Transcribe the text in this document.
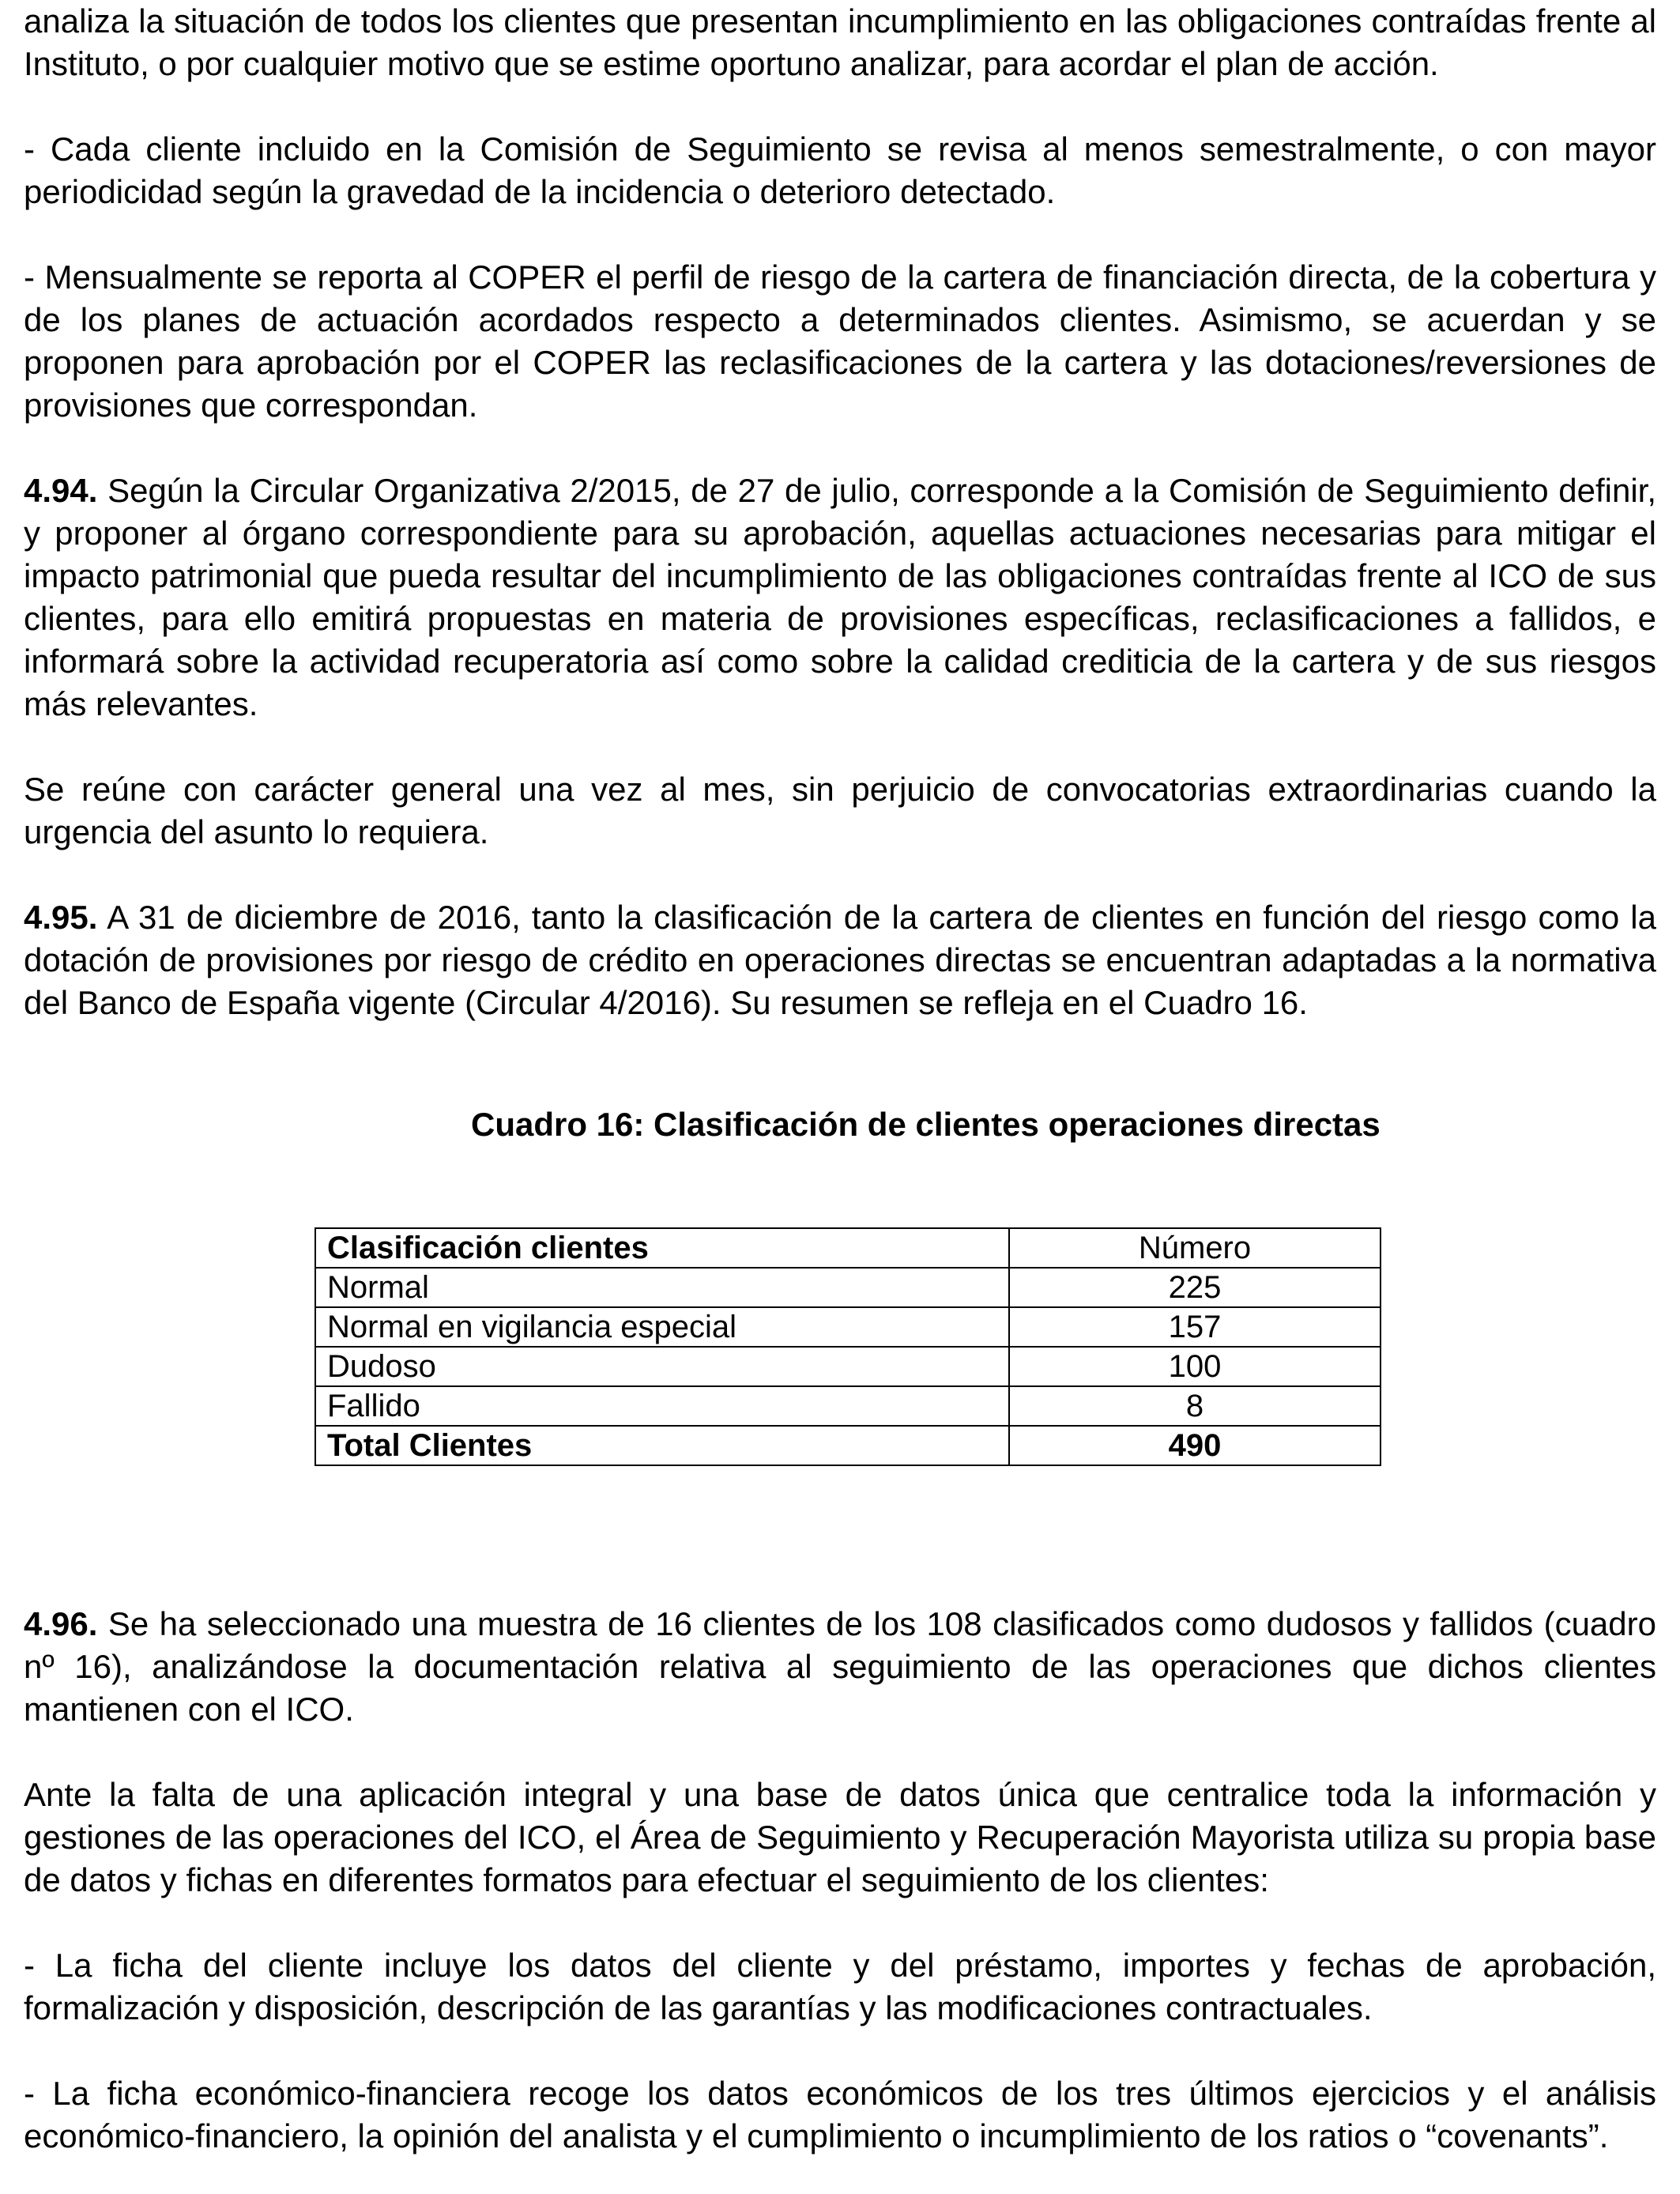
analiza la situación de todos los clientes que presentan incumplimiento en las obligaciones contraídas frente al Instituto, o por cualquier motivo que se estime oportuno analizar, para acordar el plan de acción.

- Cada cliente incluido en la Comisión de Seguimiento se revisa al menos semestralmente, o con mayor periodicidad según la gravedad de la incidencia o deterioro detectado.

- Mensualmente se reporta al COPER el perfil de riesgo de la cartera de financiación directa, de la cobertura y de los planes de actuación acordados respecto a determinados clientes. Asimismo, se acuerdan y se proponen para aprobación por el COPER las reclasificaciones de la cartera y las dotaciones/reversiones de provisiones que correspondan.

4.94. Según la Circular Organizativa 2/2015, de 27 de julio, corresponde a la Comisión de Seguimiento definir, y proponer al órgano correspondiente para su aprobación, aquellas actuaciones necesarias para mitigar el impacto patrimonial que pueda resultar del incumplimiento de las obligaciones contraídas frente al ICO de sus clientes, para ello emitirá propuestas en materia de provisiones específicas, reclasificaciones a fallidos, e informará sobre la actividad recuperatoria así como sobre la calidad crediticia de la cartera y de sus riesgos más relevantes.

Se reúne con carácter general una vez al mes, sin perjuicio de convocatorias extraordinarias cuando la urgencia del asunto lo requiera.

4.95. A 31 de diciembre de 2016, tanto la clasificación de la cartera de clientes en función del riesgo como la dotación de provisiones por riesgo de crédito en operaciones directas se encuentran adaptadas a la normativa del Banco de España vigente (Circular 4/2016). Su resumen se refleja en el Cuadro 16.

Cuadro 16: Clasificación de clientes operaciones directas

Clasificación clientes	Número
Normal	225
Normal en vigilancia especial	157
Dudoso	100
Fallido	8
Total Clientes	490

4.96. Se ha seleccionado una muestra de 16 clientes de los 108 clasificados como dudosos y fallidos (cuadro nº 16), analizándose la documentación relativa al seguimiento de las operaciones que dichos clientes mantienen con el ICO.

Ante la falta de una aplicación integral y una base de datos única que centralice toda la información y gestiones de las operaciones del ICO, el Área de Seguimiento y Recuperación Mayorista utiliza su propia base de datos y fichas en diferentes formatos para efectuar el seguimiento de los clientes:

- La ficha del cliente incluye los datos del cliente y del préstamo, importes y fechas de aprobación, formalización y disposición, descripción de las garantías y las modificaciones contractuales.

- La ficha económico-financiera recoge los datos económicos de los tres últimos ejercicios y el análisis económico-financiero, la opinión del analista y el cumplimiento o incumplimiento de los ratios o “covenants”.
